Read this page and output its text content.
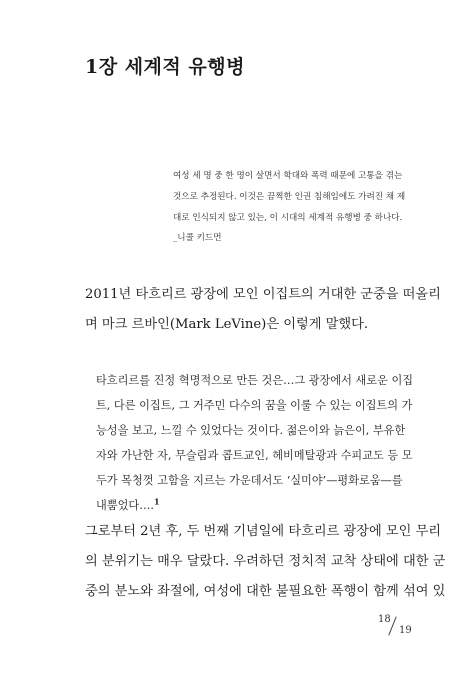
1장 세계적 유행병
여성 세 명 중 한 명이 살면서 학대와 폭력 때문에 고통을 겪는
것으로 추정된다. 이것은 끔찍한 인권 침해임에도 가려진 채 제
대로 인식되지 않고 있는, 이 시대의 세계적 유행병 중 하나다.
_니콜 키드먼
2011년 타흐리르 광장에 모인 이집트의 거대한 군중을 떠올리
며 마크 르바인(Mark LeVine)은 이렇게 말했다.
타흐리르를 진정 혁명적으로 만든 것은…그 광장에서 새로운 이집
트, 다른 이집트, 그 거주민 다수의 꿈을 이룰 수 있는 이집트의 가
능성을 보고, 느낄 수 있었다는 것이다. 젊은이와 늙은이, 부유한
자와 가난한 자, 무슬림과 콥트교인, 헤비메탈광과 수피교도 등 모
두가 목청껏 고함을 지르는 가운데서도 ‘실미야’—평화로움—를
내뿜었다….$^1$
그로부터 2년 후, 두 번째 기념일에 타흐리르 광장에 모인 무리
의 분위기는 매우 달랐다. 우려하던 정치적 교착 상태에 대한 군
중의 분노와 좌절에, 여성에 대한 불필요한 폭행이 함께 섞여 있
18
19
